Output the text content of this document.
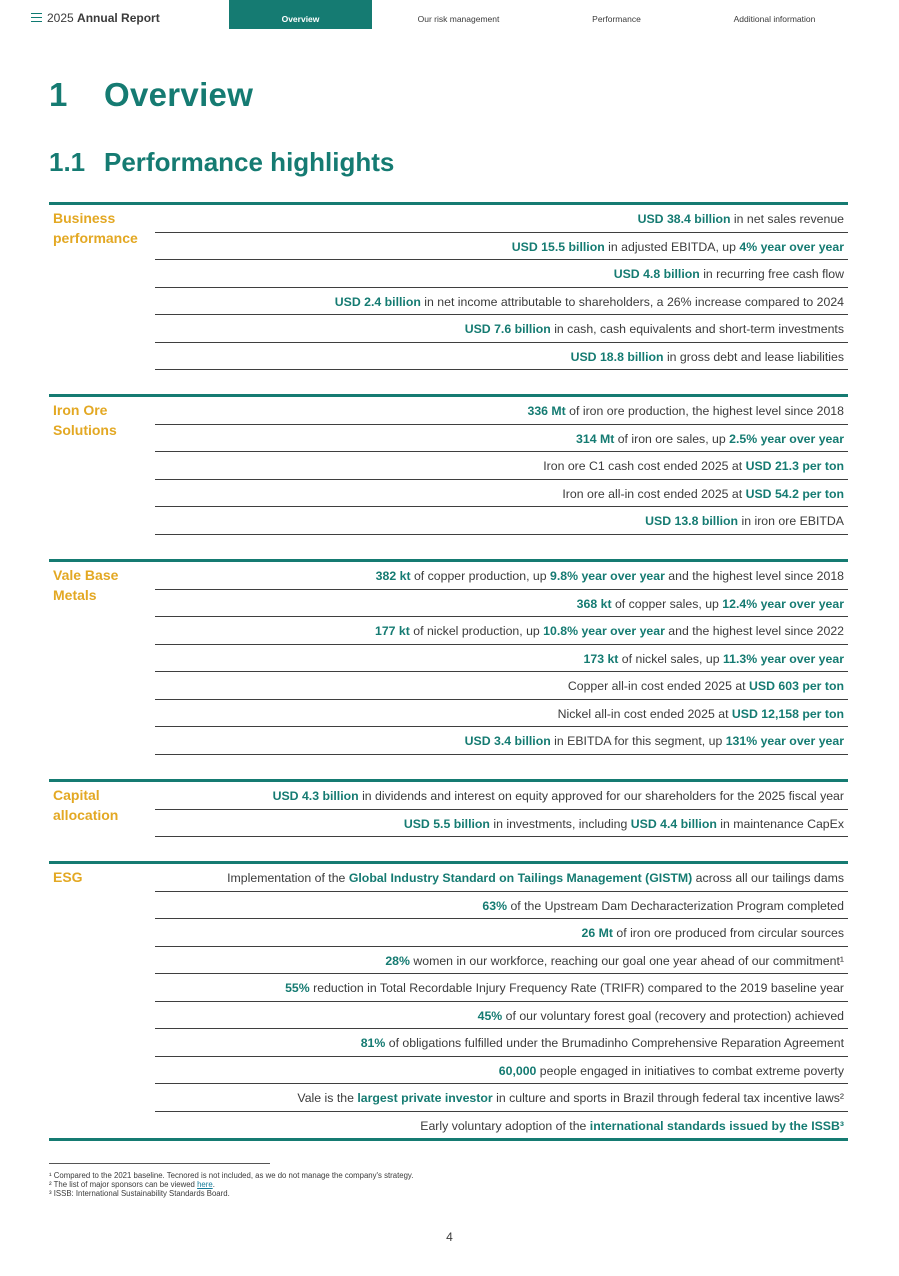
2025 Annual Report	Overview	Our risk management	Performance	Additional information
1 Overview
1.1 Performance highlights
Business performance
USD 38.4 billion in net sales revenue
USD 15.5 billion in adjusted EBITDA, up 4% year over year
USD 4.8 billion in recurring free cash flow
USD 2.4 billion in net income attributable to shareholders, a 26% increase compared to 2024
USD 7.6 billion in cash, cash equivalents and short-term investments
USD 18.8 billion in gross debt and lease liabilities
Iron Ore Solutions
336 Mt of iron ore production, the highest level since 2018
314 Mt of iron ore sales, up 2.5% year over year
Iron ore C1 cash cost ended 2025 at USD 21.3 per ton
Iron ore all-in cost ended 2025 at USD 54.2 per ton
USD 13.8 billion in iron ore EBITDA
Vale Base Metals
382 kt of copper production, up 9.8% year over year and the highest level since 2018
368 kt of copper sales, up 12.4% year over year
177 kt of nickel production, up 10.8% year over year and the highest level since 2022
173 kt of nickel sales, up 11.3% year over year
Copper all-in cost ended 2025 at USD 603 per ton
Nickel all-in cost ended 2025 at USD 12,158 per ton
USD 3.4 billion in EBITDA for this segment, up 131% year over year
Capital allocation
USD 4.3 billion in dividends and interest on equity approved for our shareholders for the 2025 fiscal year
USD 5.5 billion in investments, including USD 4.4 billion in maintenance CapEx
ESG	Implementation of the Global Industry Standard on Tailings Management (GISTM) across all our tailings dams
63% of the Upstream Dam Decharacterization Program completed
26 Mt of iron ore produced from circular sources
28% women in our workforce, reaching our goal one year ahead of our commitment¹
55% reduction in Total Recordable Injury Frequency Rate (TRIFR) compared to the 2019 baseline year
45% of our voluntary forest goal (recovery and protection) achieved
81% of obligations fulfilled under the Brumadinho Comprehensive Reparation Agreement
60,000 people engaged in initiatives to combat extreme poverty
Vale is the largest private investor in culture and sports in Brazil through federal tax incentive laws²
Early voluntary adoption of the international standards issued by the ISSB³
¹ Compared to the 2021 baseline. Tecnored is not included, as we do not manage the company's strategy.
² The list of major sponsors can be viewed here.
³ ISSB: International Sustainability Standards Board.
4
